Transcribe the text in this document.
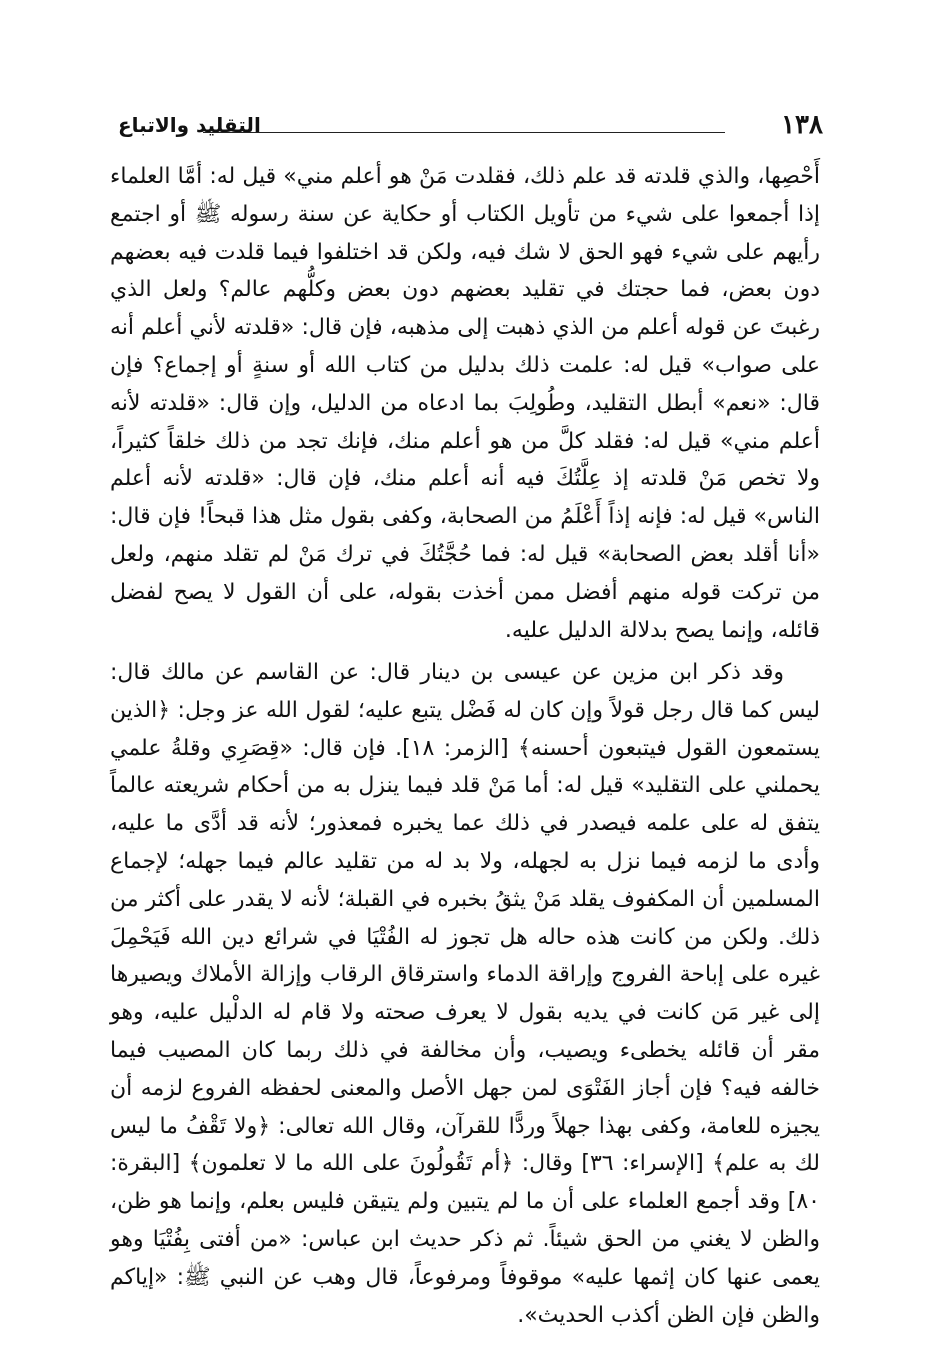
١٣٨
التقليد والاتباع

أَحْصِها، والذي قلدته قد علم ذلك، فقلدت مَنْ هو أعلم مني» قيل له: أمَّا العلماء إذا أجمعوا على شيء من تأويل الكتاب أو حكاية عن سنة رسوله ﷺ أو اجتمع رأيهم على شيء فهو الحق لا شك فيه، ولكن قد اختلفوا فيما قلدت فيه بعضهم دون بعض، فما حجتك في تقليد بعضهم دون بعض وكلُّهم عالم؟ ولعل الذي رغبتَ عن قوله أعلم من الذي ذهبت إلى مذهبه، فإن قال: «قلدته لأني أعلم أنه على صواب» قيل له: علمت ذلك بدليل من كتاب الله أو سنةٍ أو إجماع؟ فإن قال: «نعم» أبطل التقليد، وطُولِبَ بما ادعاه من الدليل، وإن قال: «قلدته لأنه أعلم مني» قيل له: فقلد كلَّ من هو أعلم منك، فإنك تجد من ذلك خلقاً كثيراً، ولا تخص مَنْ قلدته إذ عِلَّتُكَ فيه أنه أعلم منك، فإن قال: «قلدته لأنه أعلم الناس» قيل له: فإنه إذاً أَعْلَمُ من الصحابة، وكفى بقول مثل هذا قبحاً! فإن قال: «أنا أقلد بعض الصحابة» قيل له: فما حُجَّتُكَ في ترك مَنْ لم تقلد منهم، ولعل من تركت قوله منهم أفضل ممن أخذت بقوله، على أن القول لا يصح لفضل قائله، وإنما يصح بدلالة الدليل عليه.

وقد ذكر ابن مزين عن عيسى بن دينار قال: عن القاسم عن مالك قال: ليس كما قال رجل قولاً وإن كان له فَضْل يتبع عليه؛ لقول الله عز وجل: ﴿الذين يستمعون القول فيتبعون أحسنه﴾ [الزمر: ١٨]. فإن قال: «قِصَرِي وقلةُ علمي يحملني على التقليد» قيل له: أما مَنْ قلد فيما ينزل به من أحكام شريعته عالماً يتفق له على علمه فيصدر في ذلك عما يخبره فمعذور؛ لأنه قد أدَّى ما عليه، وأدى ما لزمه فيما نزل به لجهله، ولا بد له من تقليد عالم فيما جهله؛ لإجماع المسلمين أن المكفوف يقلد مَنْ يثقُ بخبره في القبلة؛ لأنه لا يقدر على أكثر من ذلك. ولكن من كانت هذه حاله هل تجوز له الفُتْيَا في شرائع دين الله فَيَحْمِلَ غيره على إباحة الفروج وإراقة الدماء واسترقاق الرقاب وإزالة الأملاك ويصيرها إلى غير مَن كانت في يديه بقول لا يعرف صحته ولا قام له الدلْيل عليه، وهو مقر أن قائله يخطىء ويصيب، وأن مخالفة في ذلك ربما كان المصيب فيما خالفه فيه؟ فإن أجاز الفَتْوَى لمن جهل الأصل والمعنى لحفظه الفروع لزمه أن يجيزه للعامة، وكفى بهذا جهلاً وردًّا للقرآن، وقال الله تعالى: ﴿ولا تَقْفُ ما ليس لك به علم﴾ [الإسراء: ٣٦] وقال: ﴿أم تَقُولُونَ على الله ما لا تعلمون﴾ [البقرة: ٨٠] وقد أجمع العلماء على أن ما لم يتبين ولم يتيقن فليس بعلم، وإنما هو ظن، والظن لا يغني من الحق شيئاً. ثم ذكر حديث ابن عباس: «من أفتى بِفُتْيَا وهو يعمى عنها كان إثمها عليه» موقوفاً ومرفوعاً، قال وهب عن النبي ﷺ: «إياكم والظن فإن الظن أكذب الحديث».
